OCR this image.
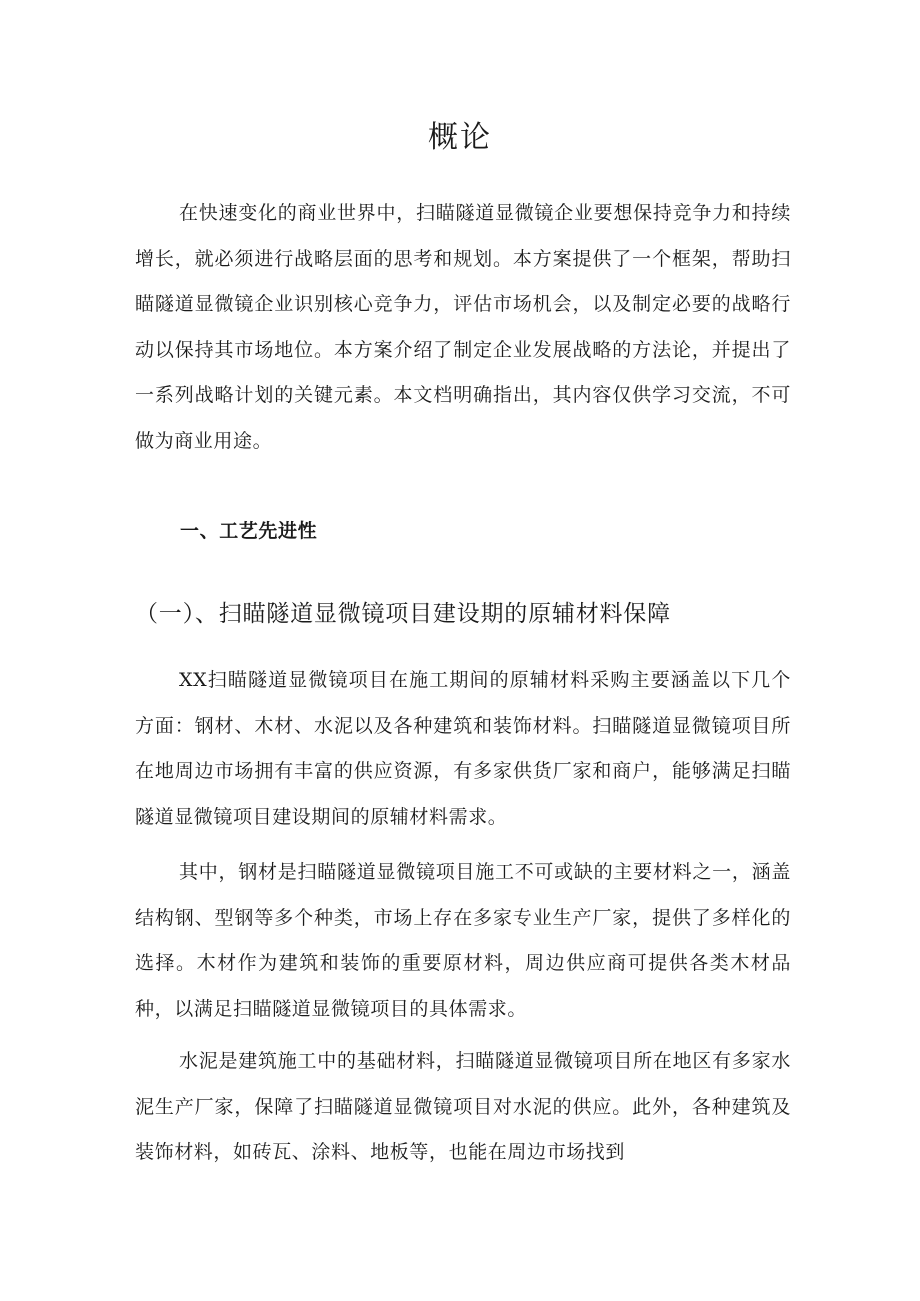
概论

在快速变化的商业世界中，扫瞄隧道显微镜企业要想保持竞争力和持续增长，就必须进行战略层面的思考和规划。本方案提供了一个框架，帮助扫瞄隧道显微镜企业识别核心竞争力，评估市场机会，以及制定必要的战略行动以保持其市场地位。本方案介绍了制定企业发展战略的方法论，并提出了一系列战略计划的关键元素。本文档明确指出，其内容仅供学习交流，不可做为商业用途。

一、工艺先进性
（一）、扫瞄隧道显微镜项目建设期的原辅材料保障

XX扫瞄隧道显微镜项目在施工期间的原辅材料采购主要涵盖以下几个方面：钢材、木材、水泥以及各种建筑和装饰材料。扫瞄隧道显微镜项目所在地周边市场拥有丰富的供应资源，有多家供货厂家和商户，能够满足扫瞄隧道显微镜项目建设期间的原辅材料需求。

其中，钢材是扫瞄隧道显微镜项目施工不可或缺的主要材料之一，涵盖结构钢、型钢等多个种类，市场上存在多家专业生产厂家，提供了多样化的选择。木材作为建筑和装饰的重要原材料，周边供应商可提供各类木材品种，以满足扫瞄隧道显微镜项目的具体需求。

水泥是建筑施工中的基础材料，扫瞄隧道显微镜项目所在地区有多家水泥生产厂家，保障了扫瞄隧道显微镜项目对水泥的供应。此外，各种建筑及装饰材料，如砖瓦、涂料、地板等，也能在周边市场找到
